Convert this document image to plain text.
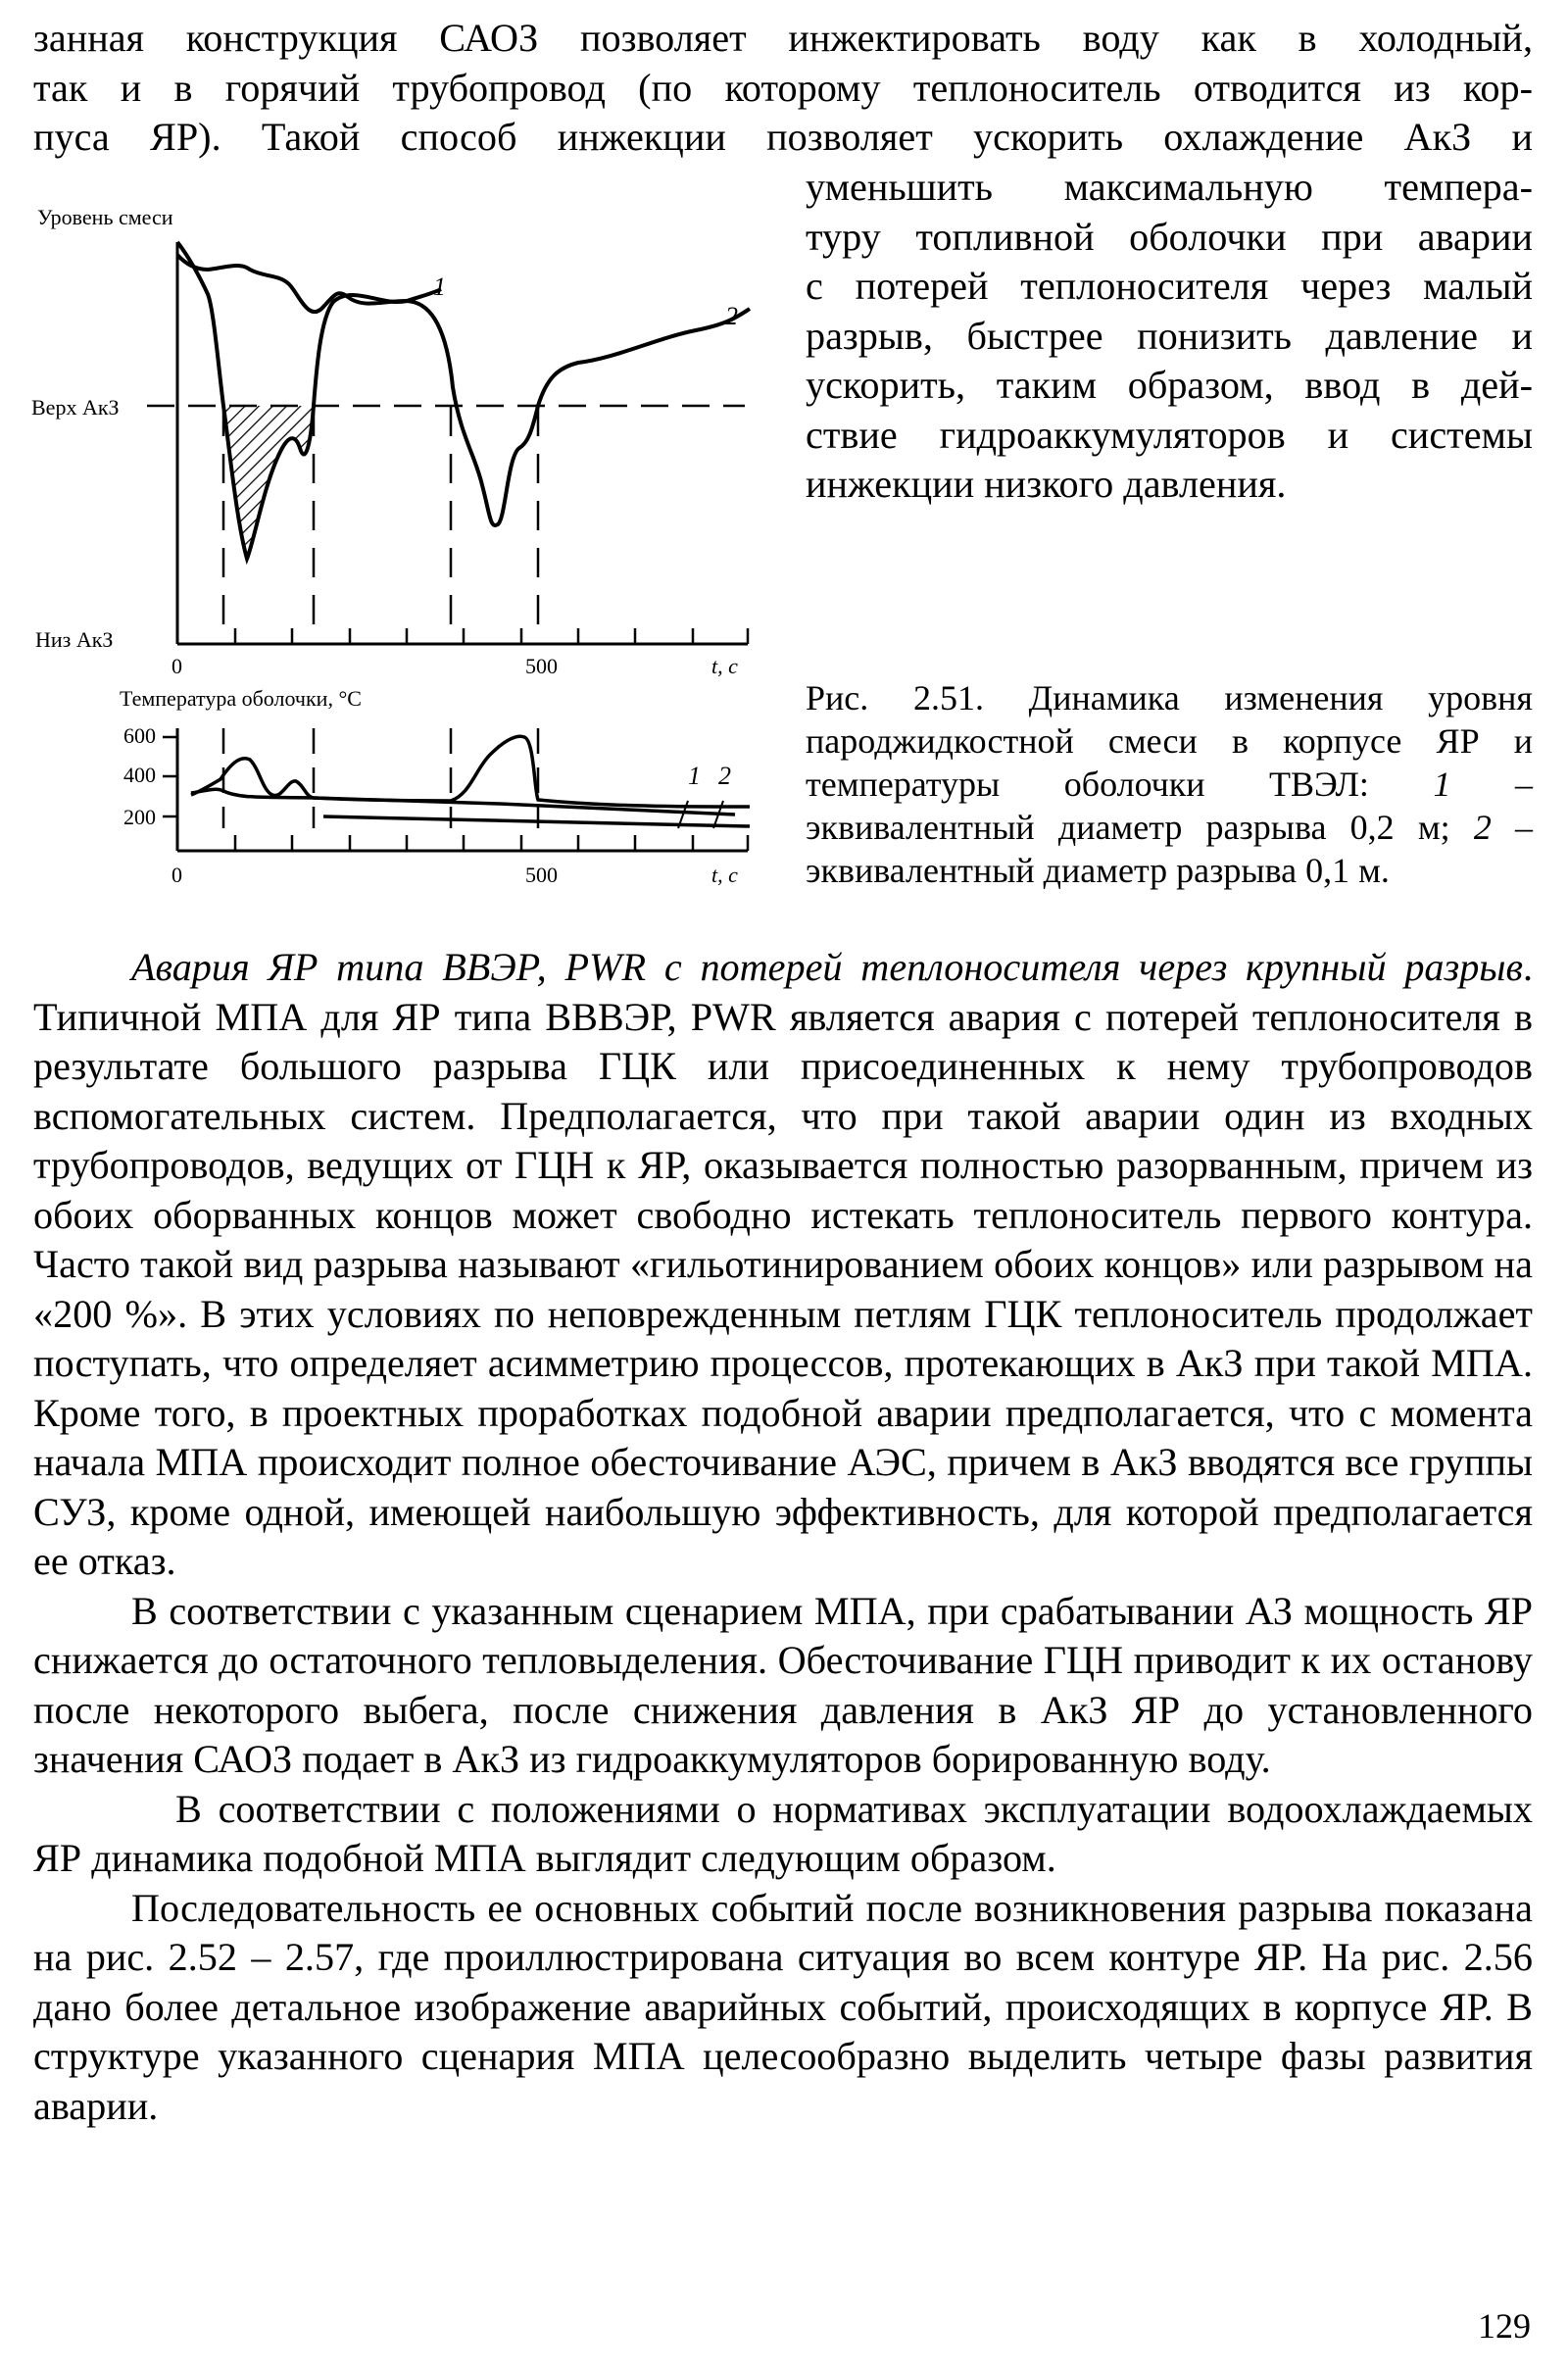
занная конструкция САОЗ позволяет инжектировать воду как в холодный,

так и в горячий трубопровод (по которому теплоноситель отводится из кор-

пуса ЯР). Такой способ инжекции позволяет ускорить охлаждение АкЗ и

уменьшить максимальную темпера-

туру топливной оболочки при аварии

с потерей теплоносителя через малый

разрыв, быстрее понизить давление и

ускорить, таким образом, ввод в дей-

ствие гидроаккумуляторов и системы

инжекции низкого давления.

Уровень смеси
Верх АкЗ
Низ АкЗ
0	500	t, c
1
2
Температура оболочки, °С
600
400
200
0	500	t, c
1 2

Рис. 2.51. Динамика изменения уровня пароджидкостной смеси в корпусе ЯР и температуры оболочки ТВЭЛ: 1 – эквивалентный диаметр разрыва 0,2 м; 2 – эквивалентный диаметр разрыва 0,1 м.

Авария ЯР типа ВВЭР, PWR с потерей теплоносителя через крупный разрыв. Типичной МПА для ЯР типа ВВВЭР, PWR является авария с потерей теплоносителя в результате большого разрыва ГЦК или присоединенных к нему трубопроводов вспомогательных систем. Предполагается, что при такой аварии один из входных трубопроводов, ведущих от ГЦН к ЯР, оказывается полностью разорванным, причем из обоих оборванных концов может свободно истекать теплоноситель первого контура. Часто такой вид разрыва называют «гильотинированием обоих концов» или разрывом на «200 %». В этих условиях по неповрежденным петлям ГЦК теплоноситель продолжает поступать, что определяет асимметрию процессов, протекающих в АкЗ при такой МПА. Кроме того, в проектных проработках подобной аварии предполагается, что с момента начала МПА происходит полное обесточивание АЭС, причем в АкЗ вводятся все группы СУЗ, кроме одной, имеющей наибольшую эффективность, для которой предполагается ее отказ.

В соответствии с указанным сценарием МПА, при срабатывании АЗ мощность ЯР снижается до остаточного тепловыделения. Обесточивание ГЦН приводит к их останову после некоторого выбега, после снижения давления в АкЗ ЯР до установленного значения САОЗ подает в АкЗ из гидроаккумуляторов борированную воду.

В соответствии с положениями о нормативах эксплуатации водоохлаждаемых ЯР динамика подобной МПА выглядит следующим образом.

Последовательность ее основных событий после возникновения разрыва показана на рис. 2.52 – 2.57, где проиллюстрирована ситуация во всем контуре ЯР. На рис. 2.56 дано более детальное изображение аварийных событий, происходящих в корпусе ЯР. В структуре указанного сценария МПА целесообразно выделить четыре фазы развития аварии.

129
